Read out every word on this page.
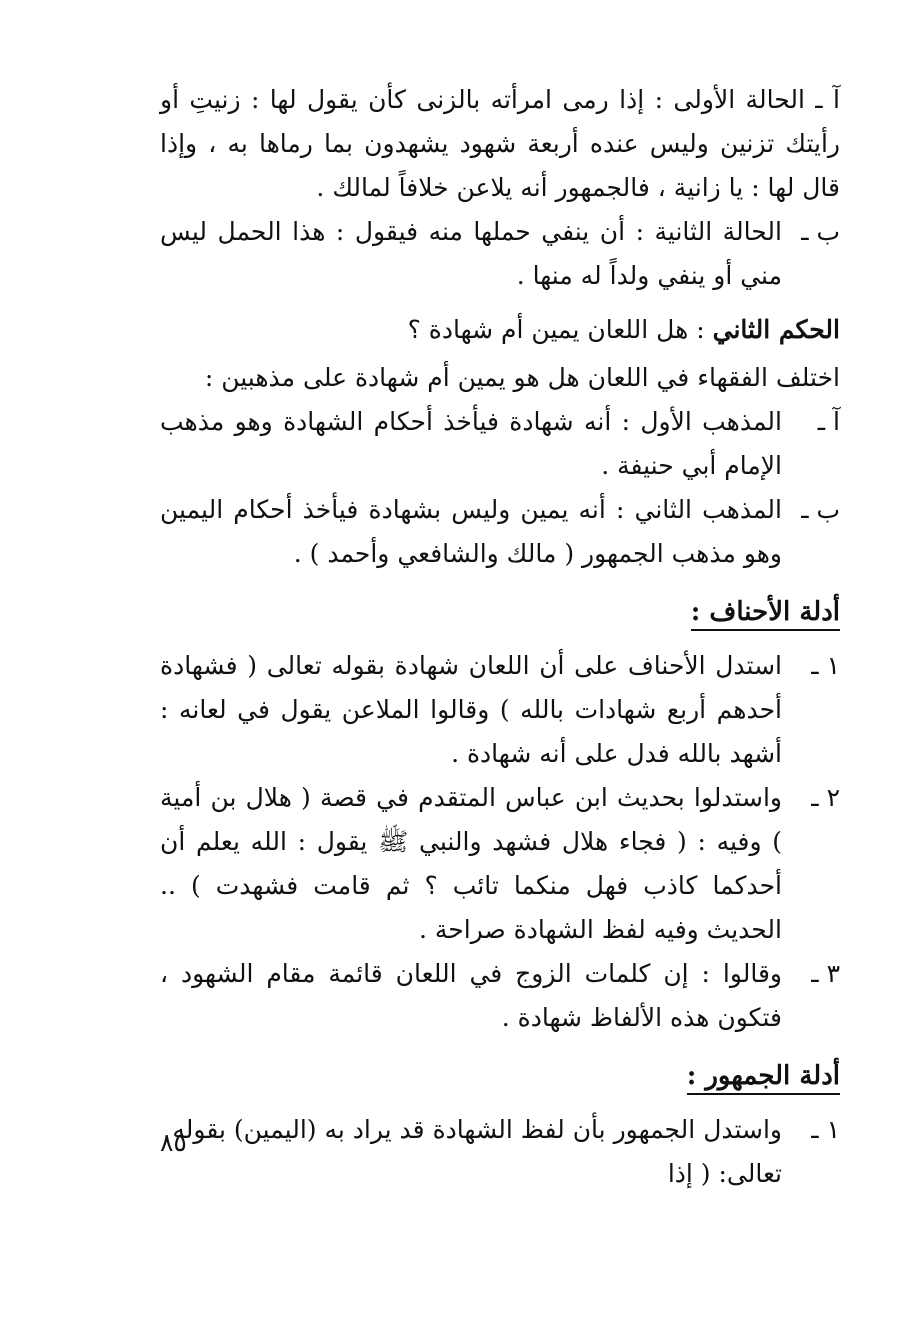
آ ـ الحالة الأولى : إذا رمى امرأته بالزنى كأن يقول لها : زنيتِ أو رأيتك تزنين وليس عنده أربعة شهود يشهدون بما رماها به ، وإذا قال لها : يا زانية ، فالجمهور أنه يلاعن خلافاً لمالك .

ب ـ

الحالة الثانية : أن ينفي حملها منه فيقول : هذا الحمل ليس مني أو ينفي ولداً له منها .

الحكم الثاني : هل اللعان يمين أم شهادة ؟

اختلف الفقهاء في اللعان هل هو يمين أم شهادة على مذهبين :

آ ـ

المذهب الأول : أنه شهادة فيأخذ أحكام الشهادة وهو مذهب الإمام أبي حنيفة .

ب ـ

المذهب الثاني : أنه يمين وليس بشهادة فيأخذ أحكام اليمين وهو مذهب الجمهور ( مالك والشافعي وأحمد ) .

أدلة الأحناف :
١ ـ

استدل الأحناف على أن اللعان شهادة بقوله تعالى ( فشهادة أحدهم أربع شهادات بالله ) وقالوا الملاعن يقول في لعانه : أشهد بالله فدل على أنه شهادة .

٢ ـ

واستدلوا بحديث ابن عباس المتقدم في قصة ( هلال بن أمية ) وفيه : ( فجاء هلال فشهد والنبي ﷺ يقول : الله يعلم أن أحدكما كاذب فهل منكما تائب ؟ ثم قامت فشهدت ) .. الحديث وفيه لفظ الشهادة صراحة .

٣ ـ

وقالوا : إن كلمات الزوج في اللعان قائمة مقام الشهود ، فتكون هذه الألفاظ شهادة .

أدلة الجمهور :
١ ـ

واستدل الجمهور بأن لفظ الشهادة قد يراد به (اليمين) بقوله تعالى: ( إذا

٨٥
